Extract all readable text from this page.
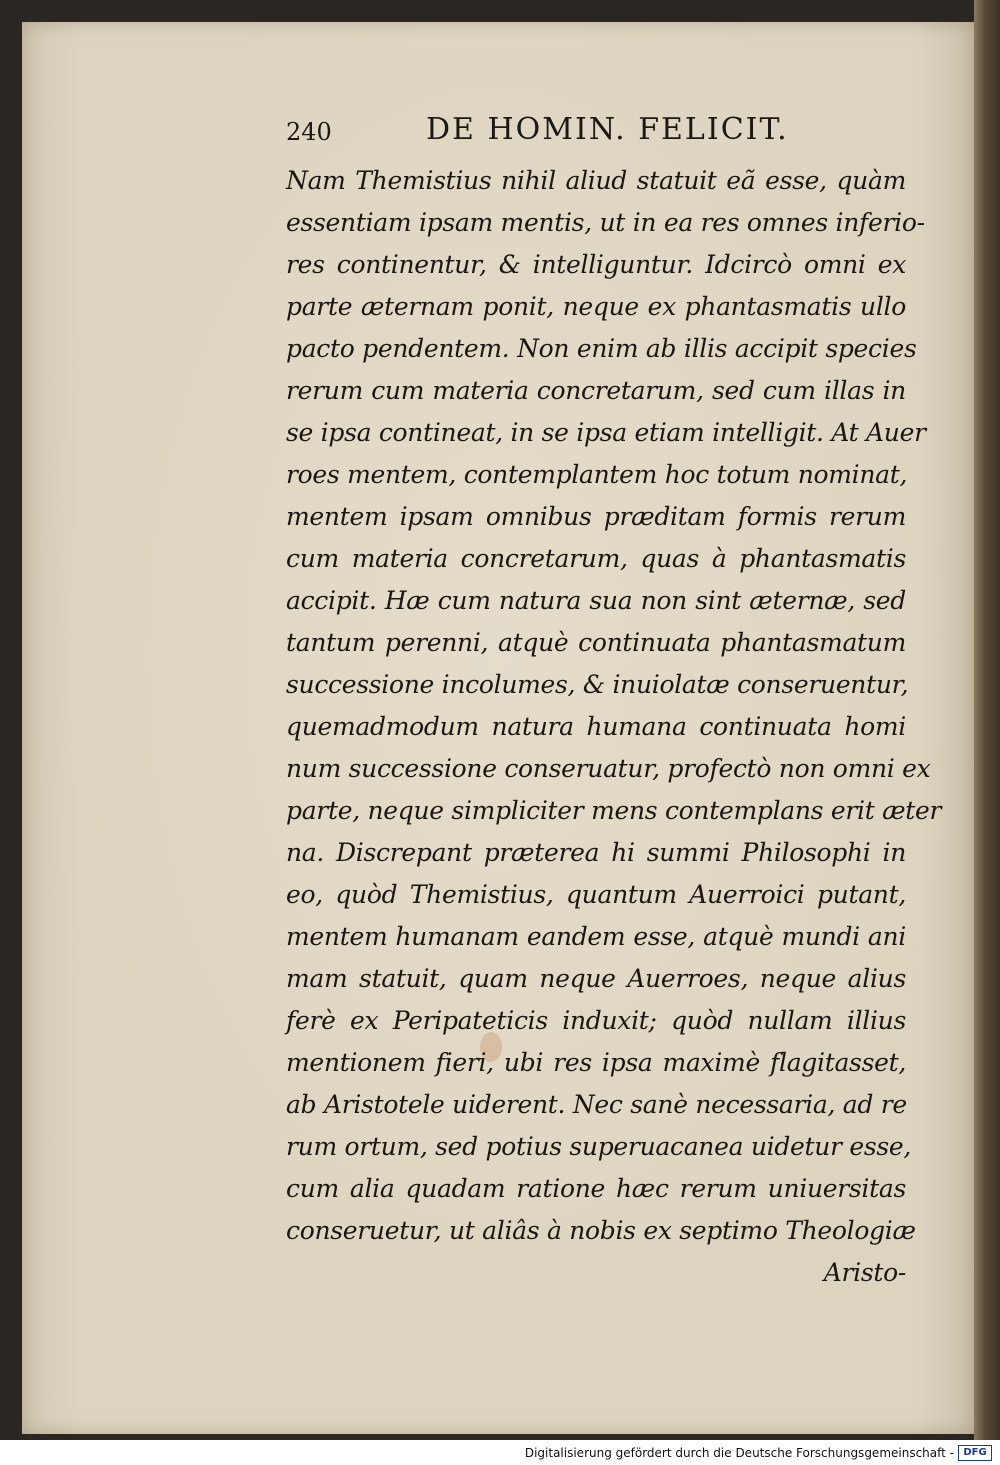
240	DE HOMIN. FELICIT.
Nam Themistius nihil aliud statuit eã esse, quàm
essentiam ipsam mentis, ut in ea res omnes inferio-
res continentur, & intelliguntur. Idcircò omni ex
parte æternam ponit, neque ex phantasmatis ullo
pacto pendentem. Non enim ab illis accipit species
rerum cum materia concretarum, sed cum illas in
se ipsa contineat, in se ipsa etiam intelligit. At Auer
roes mentem, contemplantem hoc totum nominat,
mentem ipsam omnibus præditam formis rerum
cum materia concretarum, quas à phantasmatis
accipit. Hæ cum natura sua non sint æternæ, sed
tantum perenni, atquè continuata phantasmatum
successione incolumes, & inuiolatæ conseruentur,
quemadmodum natura humana continuata homi
num successione conseruatur, profectò non omni ex
parte, neque simpliciter mens contemplans erit æter
na. Discrepant præterea hi summi Philosophi in
eo, quòd Themistius, quantum Auerroici putant,
mentem humanam eandem esse, atquè mundi ani
mam statuit, quam neque Auerroes, neque alius
ferè ex Peripateticis induxit; quòd nullam illius
mentionem fieri, ubi res ipsa maximè flagitasset,
ab Aristotele uiderent. Nec sanè necessaria, ad re
rum ortum, sed potius superuacanea uidetur esse,
cum alia quadam ratione hæc rerum uniuersitas
conseruetur, ut aliâs à nobis ex septimo Theologiæ
Aristo-
Digitalisierung gefördert durch die Deutsche Forschungsgemeinschaft - DFG
